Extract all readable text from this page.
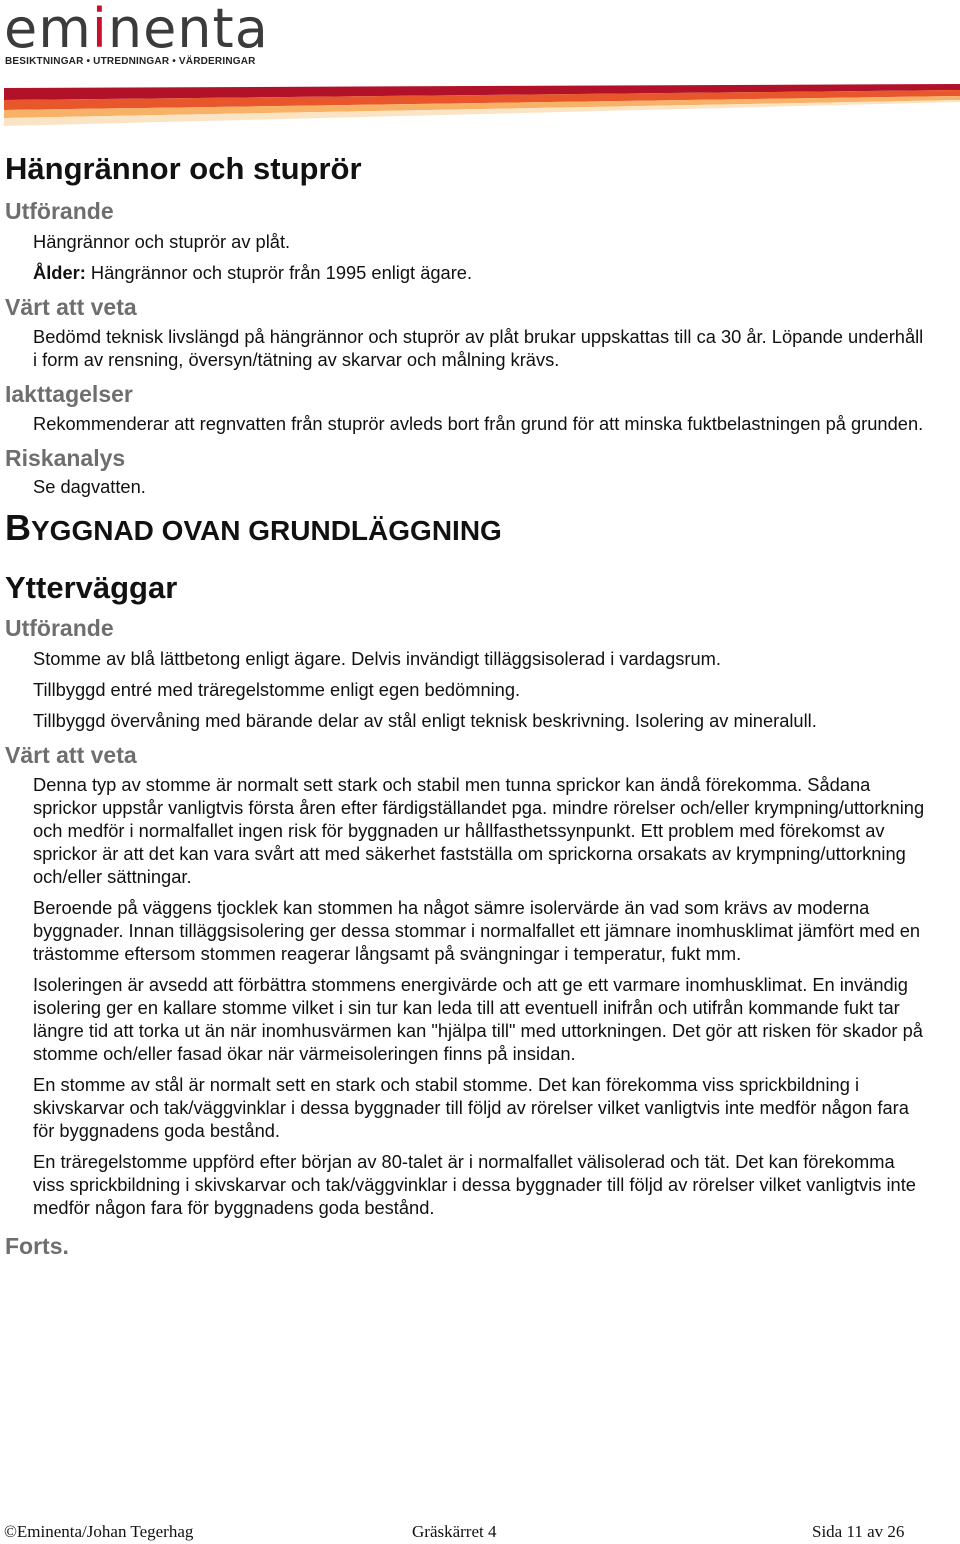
eminenta
BESIKTNINGAR • UTREDNINGAR • VÄRDERINGAR
Hängrännor och stuprör
Utförande

Hängrännor och stuprör av plåt.

Ålder: Hängrännor och stuprör från 1995 enligt ägare.

Värt att veta

Bedömd teknisk livslängd på hängrännor och stuprör av plåt brukar uppskattas till ca 30 år. Löpande underhåll i form av rensning, översyn/tätning av skarvar och målning krävs.

Iakttagelser

Rekommenderar att regnvatten från stuprör avleds bort från grund för att minska fuktbelastningen på grunden.

Riskanalys

Se dagvatten.

BYGGNAD OVAN GRUNDLÄGGNING
Ytterväggar
Utförande

Stomme av blå lättbetong enligt ägare. Delvis invändigt tilläggsisolerad i vardagsrum.

Tillbyggd entré med träregelstomme enligt egen bedömning.

Tillbyggd övervåning med bärande delar av stål enligt teknisk beskrivning. Isolering av mineralull.

Värt att veta

Denna typ av stomme är normalt sett stark och stabil men tunna sprickor kan ändå förekomma. Sådana sprickor uppstår vanligtvis första åren efter färdigställandet pga. mindre rörelser och/eller krympning/uttorkning och medför i normalfallet ingen risk för byggnaden ur hållfasthetssynpunkt. Ett problem med förekomst av sprickor är att det kan vara svårt att med säkerhet fastställa om sprickorna orsakats av krympning/uttorkning och/eller sättningar.

Beroende på väggens tjocklek kan stommen ha något sämre isolervärde än vad som krävs av moderna byggnader. Innan tilläggsisolering ger dessa stommar i normalfallet ett jämnare inomhusklimat jämfört med en trästomme eftersom stommen reagerar långsamt på svängningar i temperatur, fukt mm.

Isoleringen är avsedd att förbättra stommens energivärde och att ge ett varmare inomhusklimat. En invändig isolering ger en kallare stomme vilket i sin tur kan leda till att eventuell inifrån och utifrån kommande fukt tar längre tid att torka ut än när inomhusvärmen kan "hjälpa till" med uttorkningen. Det gör att risken för skador på stomme och/eller fasad ökar när värmeisoleringen finns på insidan.

En stomme av stål är normalt sett en stark och stabil stomme. Det kan förekomma viss sprickbildning i skivskarvar och tak/väggvinklar i dessa byggnader till följd av rörelser vilket vanligtvis inte medför någon fara för byggnadens goda bestånd.

En träregelstomme uppförd efter början av 80-talet är i normalfallet välisolerad och tät. Det kan förekomma viss sprickbildning i skivskarvar och tak/väggvinklar i dessa byggnader till följd av rörelser vilket vanligtvis inte medför någon fara för byggnadens goda bestånd.

Forts.
©Eminenta/Johan Tegerhag	Gräskärret 4	Sida 11 av 26
